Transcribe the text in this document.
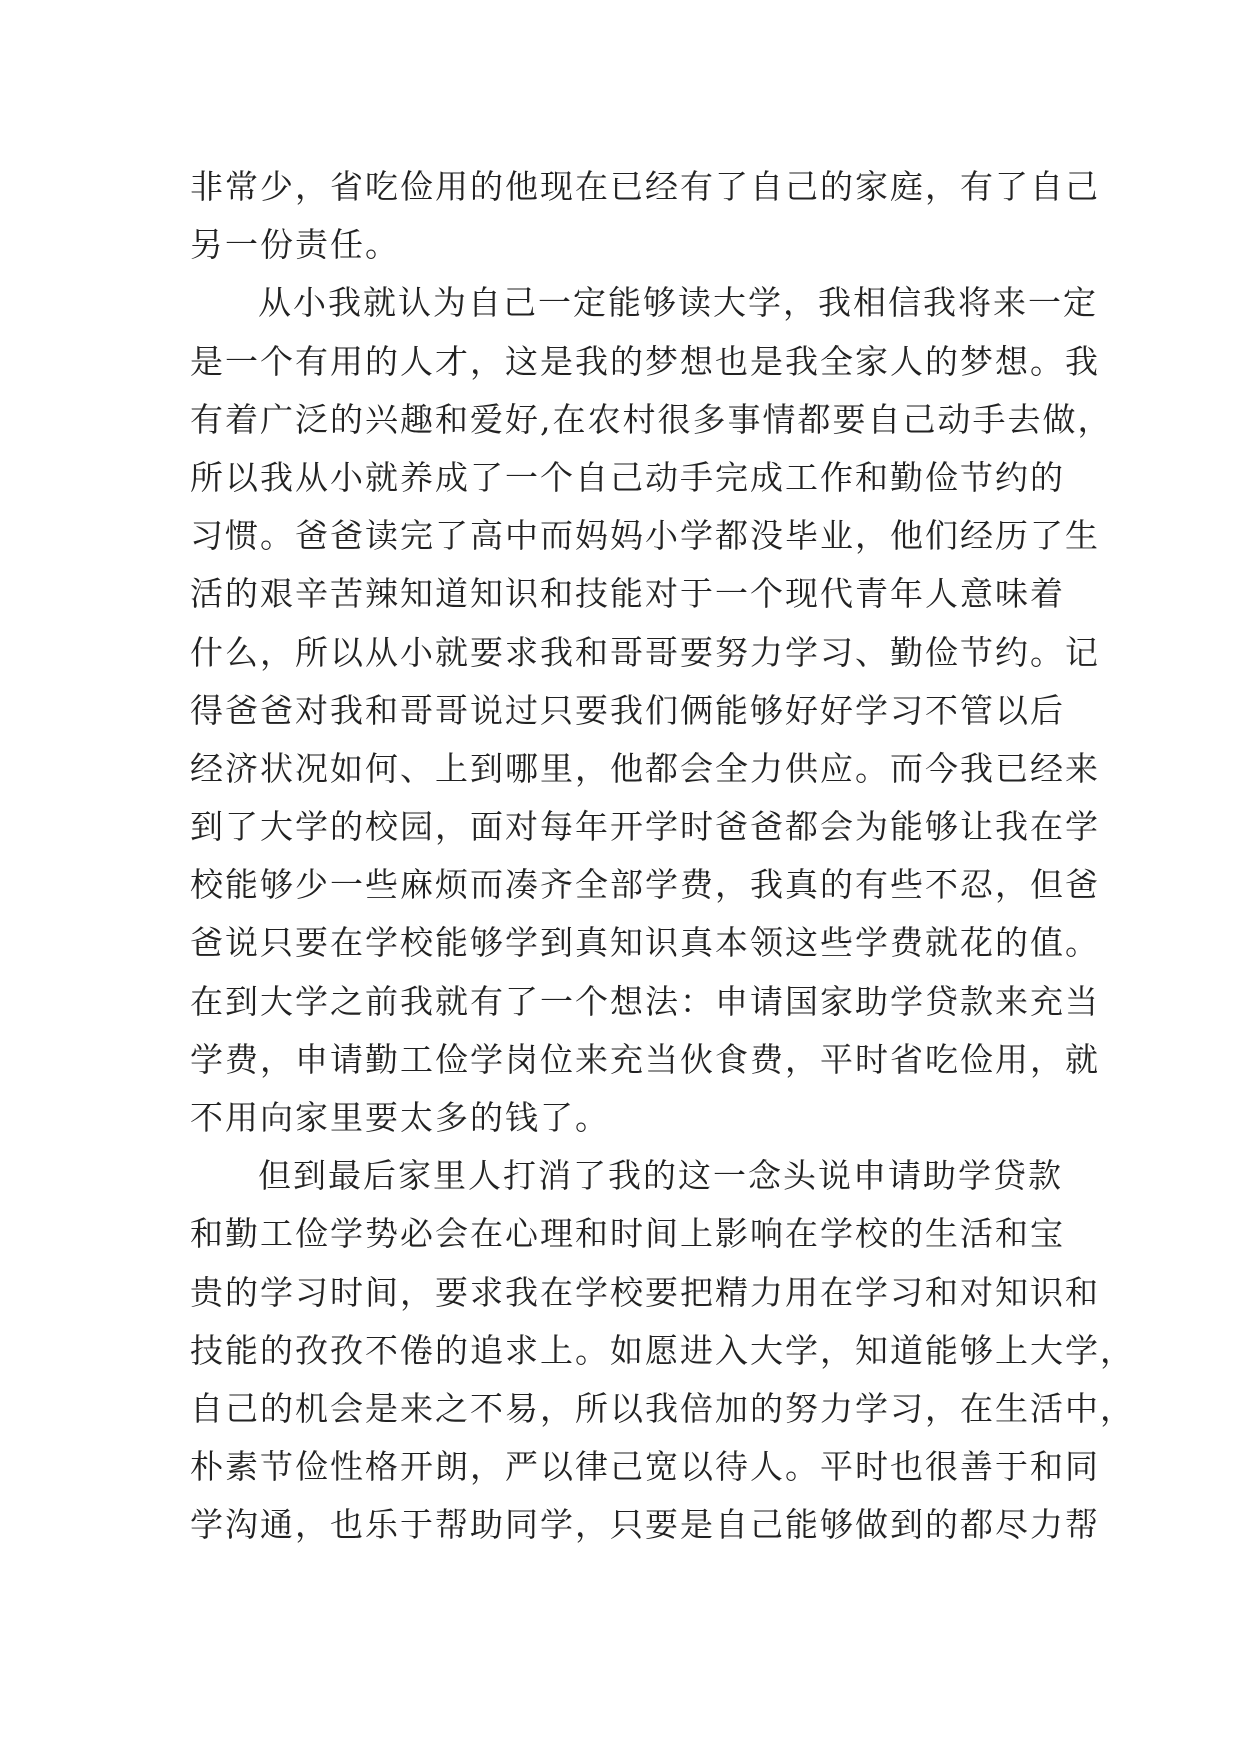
非常少，省吃俭用的他现在已经有了自己的家庭，有了自己
另一份责任。
从小我就认为自己一定能够读大学，我相信我将来一定
是一个有用的人才，这是我的梦想也是我全家人的梦想。我
有着广泛的兴趣和爱好,在农村很多事情都要自己动手去做，
所以我从小就养成了一个自己动手完成工作和勤俭节约的
习惯。爸爸读完了高中而妈妈小学都没毕业，他们经历了生
活的艰辛苦辣知道知识和技能对于一个现代青年人意味着
什么，所以从小就要求我和哥哥要努力学习、勤俭节约。记
得爸爸对我和哥哥说过只要我们俩能够好好学习不管以后
经济状况如何、上到哪里，他都会全力供应。而今我已经来
到了大学的校园，面对每年开学时爸爸都会为能够让我在学
校能够少一些麻烦而凑齐全部学费，我真的有些不忍，但爸
爸说只要在学校能够学到真知识真本领这些学费就花的值。
在到大学之前我就有了一个想法：申请国家助学贷款来充当
学费，申请勤工俭学岗位来充当伙食费，平时省吃俭用，就
不用向家里要太多的钱了。
但到最后家里人打消了我的这一念头说申请助学贷款
和勤工俭学势必会在心理和时间上影响在学校的生活和宝
贵的学习时间，要求我在学校要把精力用在学习和对知识和
技能的孜孜不倦的追求上。如愿进入大学，知道能够上大学，
自己的机会是来之不易，所以我倍加的努力学习，在生活中，
朴素节俭性格开朗，严以律己宽以待人。平时也很善于和同
学沟通，也乐于帮助同学，只要是自己能够做到的都尽力帮
